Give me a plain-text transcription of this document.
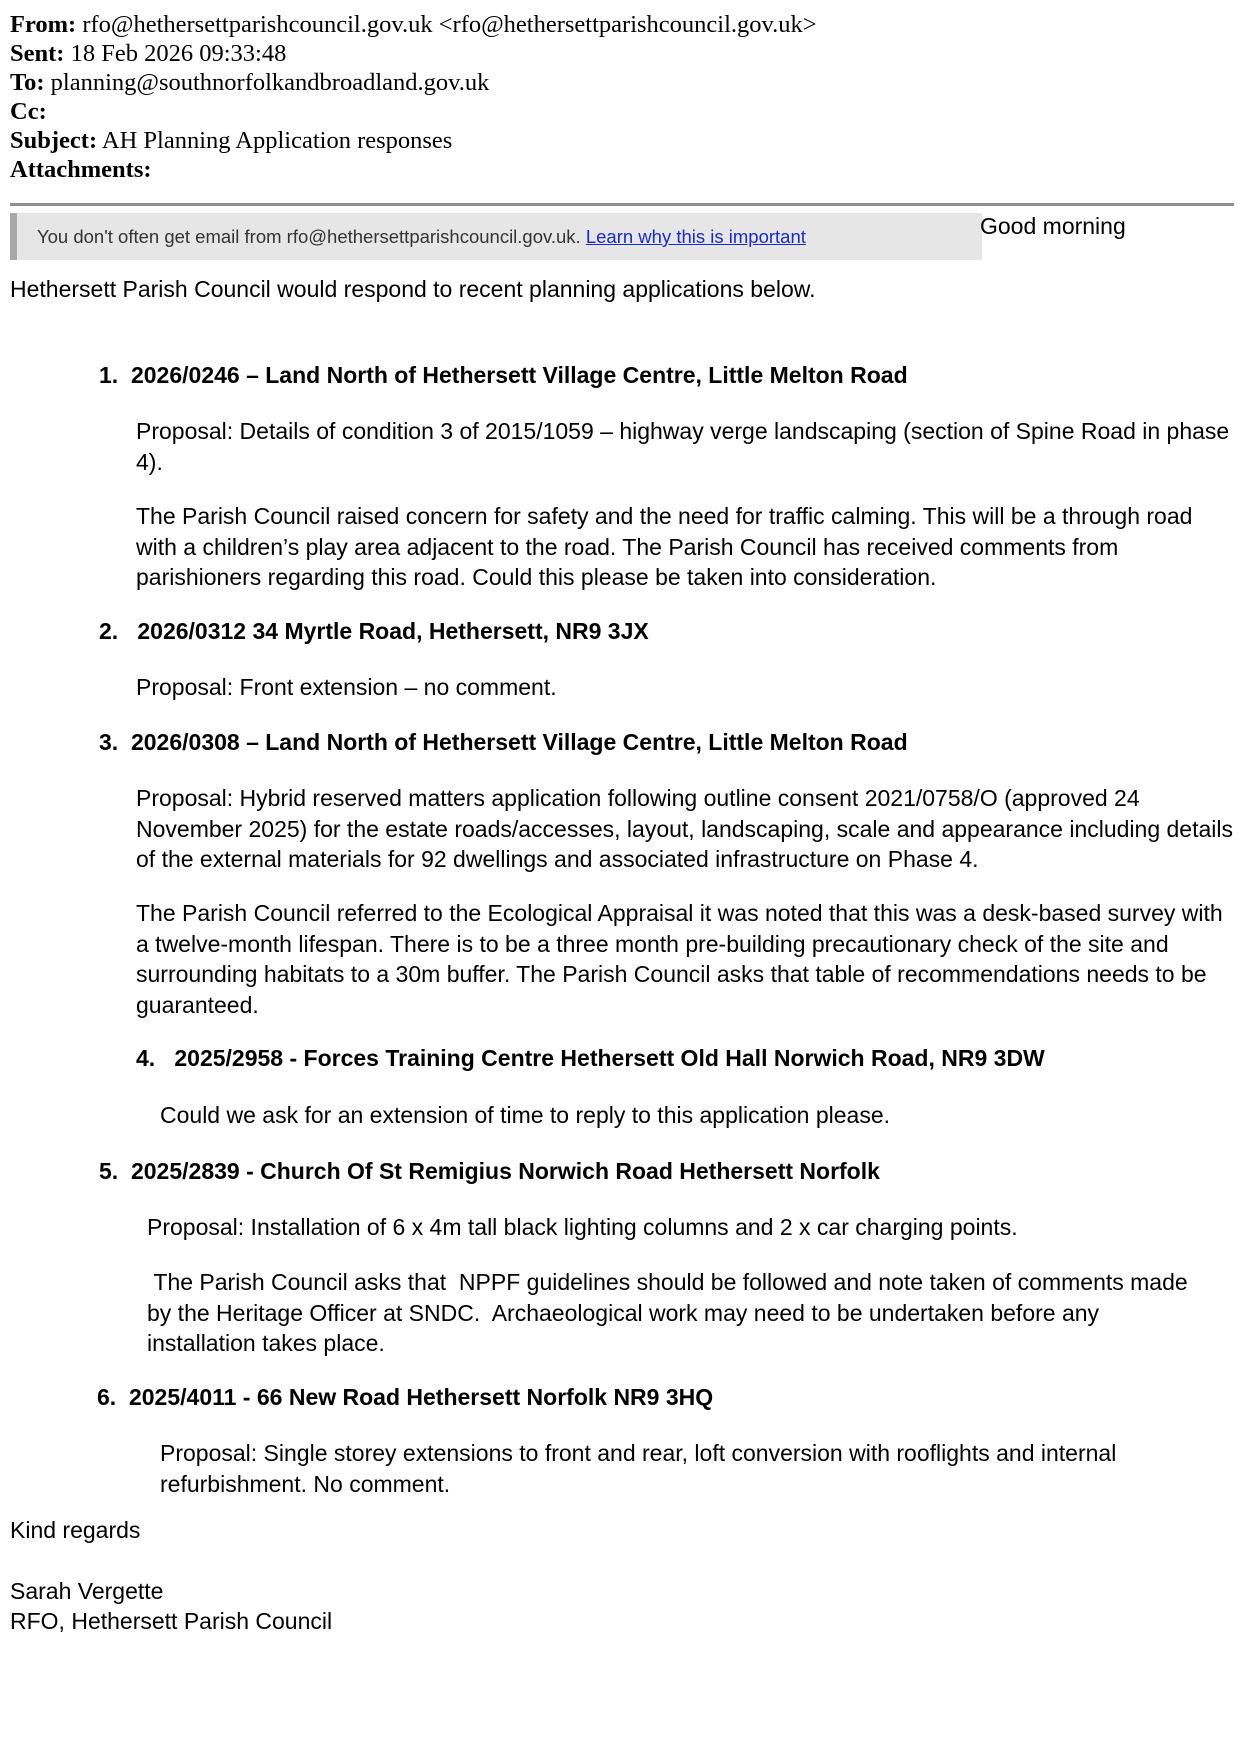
From: rfo@hethersettparishcouncil.gov.uk <rfo@hethersettparishcouncil.gov.uk>
Sent: 18 Feb 2026 09:33:48
To: planning@southnorfolkandbroadland.gov.uk
Cc:
Subject: AH Planning Application responses
Attachments:
You don't often get email from rfo@hethersettparishcouncil.gov.uk. Learn why this is important	Good morning

Hethersett Parish Council would respond to recent planning applications below.

1. 2026/0246 – Land North of Hethersett Village Centre, Little Melton Road

Proposal: Details of condition 3 of 2015/1059 – highway verge landscaping (section of Spine Road in phase 4).

The Parish Council raised concern for safety and the need for traffic calming. This will be a through road with a children’s play area adjacent to the road. The Parish Council has received comments from parishioners regarding this road. Could this please be taken into consideration.

2. 2026/0312 34 Myrtle Road, Hethersett, NR9 3JX

Proposal: Front extension – no comment.

3. 2026/0308 – Land North of Hethersett Village Centre, Little Melton Road

Proposal: Hybrid reserved matters application following outline consent 2021/0758/O (approved 24 November 2025) for the estate roads/accesses, layout, landscaping, scale and appearance including details of the external materials for 92 dwellings and associated infrastructure on Phase 4.

The Parish Council referred to the Ecological Appraisal it was noted that this was a desk-based survey with a twelve-month lifespan. There is to be a three month pre-building precautionary check of the site and surrounding habitats to a 30m buffer. The Parish Council asks that table of recommendations needs to be guaranteed.

4. 2025/2958 - Forces Training Centre Hethersett Old Hall Norwich Road, NR9 3DW

Could we ask for an extension of time to reply to this application please.

5. 2025/2839 - Church Of St Remigius Norwich Road Hethersett Norfolk

Proposal: Installation of 6 x 4m tall black lighting columns and 2 x car charging points.

The Parish Council asks that  NPPF guidelines should be followed and note taken of comments made by the Heritage Officer at SNDC.  Archaeological work may need to be undertaken before any installation takes place.

6. 2025/4011 - 66 New Road Hethersett Norfolk NR9 3HQ

Proposal: Single storey extensions to front and rear, loft conversion with rooflights and internal refurbishment. No comment.

Kind regards

Sarah Vergette

RFO, Hethersett Parish Council
